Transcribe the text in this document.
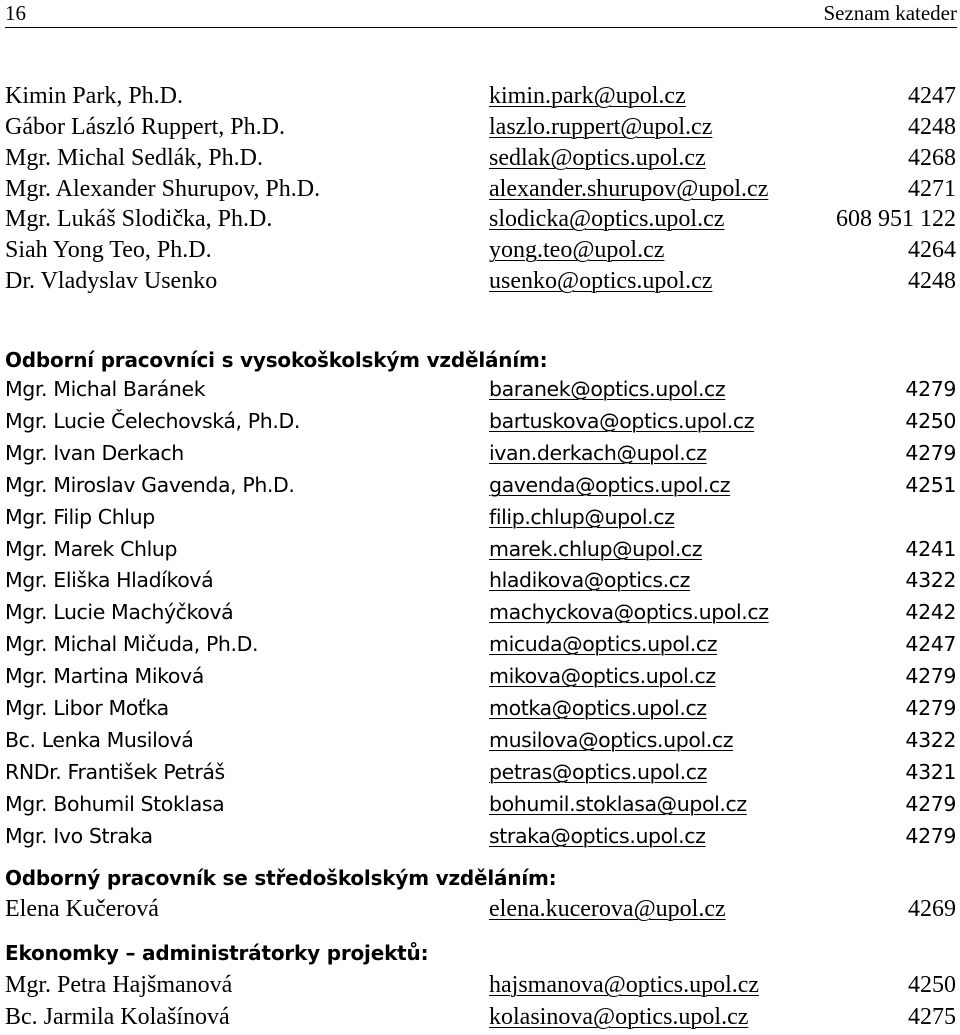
16	Seznam kateder
Kimin Park, Ph.D.	kimin.park@upol.cz	4247
Gábor László Ruppert, Ph.D.	laszlo.ruppert@upol.cz	4248
Mgr. Michal Sedlák, Ph.D.	sedlak@optics.upol.cz	4268
Mgr. Alexander Shurupov, Ph.D.	alexander.shurupov@upol.cz	4271
Mgr. Lukáš Slodička, Ph.D.	slodicka@optics.upol.cz	608 951 122
Siah Yong Teo, Ph.D.	yong.teo@upol.cz	4264
Dr. Vladyslav Usenko	usenko@optics.upol.cz	4248
Odborní pracovníci s vysokoškolským vzděláním:
Mgr. Michal Baránek	baranek@optics.upol.cz	4279
Mgr. Lucie Čelechovská, Ph.D.	bartuskova@optics.upol.cz	4250
Mgr. Ivan Derkach	ivan.derkach@upol.cz	4279
Mgr. Miroslav Gavenda, Ph.D.	gavenda@optics.upol.cz	4251
Mgr. Filip Chlup	filip.chlup@upol.cz
Mgr. Marek Chlup	marek.chlup@upol.cz	4241
Mgr. Eliška Hladíková	hladikova@optics.cz	4322
Mgr. Lucie Machýčková	machyckova@optics.upol.cz	4242
Mgr. Michal Mičuda, Ph.D.	micuda@optics.upol.cz	4247
Mgr. Martina Miková	mikova@optics.upol.cz	4279
Mgr. Libor Moťka	motka@optics.upol.cz	4279
Bc. Lenka Musilová	musilova@optics.upol.cz	4322
RNDr. František Petráš	petras@optics.upol.cz	4321
Mgr. Bohumil Stoklasa	bohumil.stoklasa@upol.cz	4279
Mgr. Ivo Straka	straka@optics.upol.cz	4279
Odborný pracovník se středoškolským vzděláním:
Elena Kučerová	elena.kucerova@upol.cz	4269
Ekonomky – administrátorky projektů:
Mgr. Petra Hajšmanová	hajsmanova@optics.upol.cz	4250
Bc. Jarmila Kolašínová	kolasinova@optics.upol.cz	4275
